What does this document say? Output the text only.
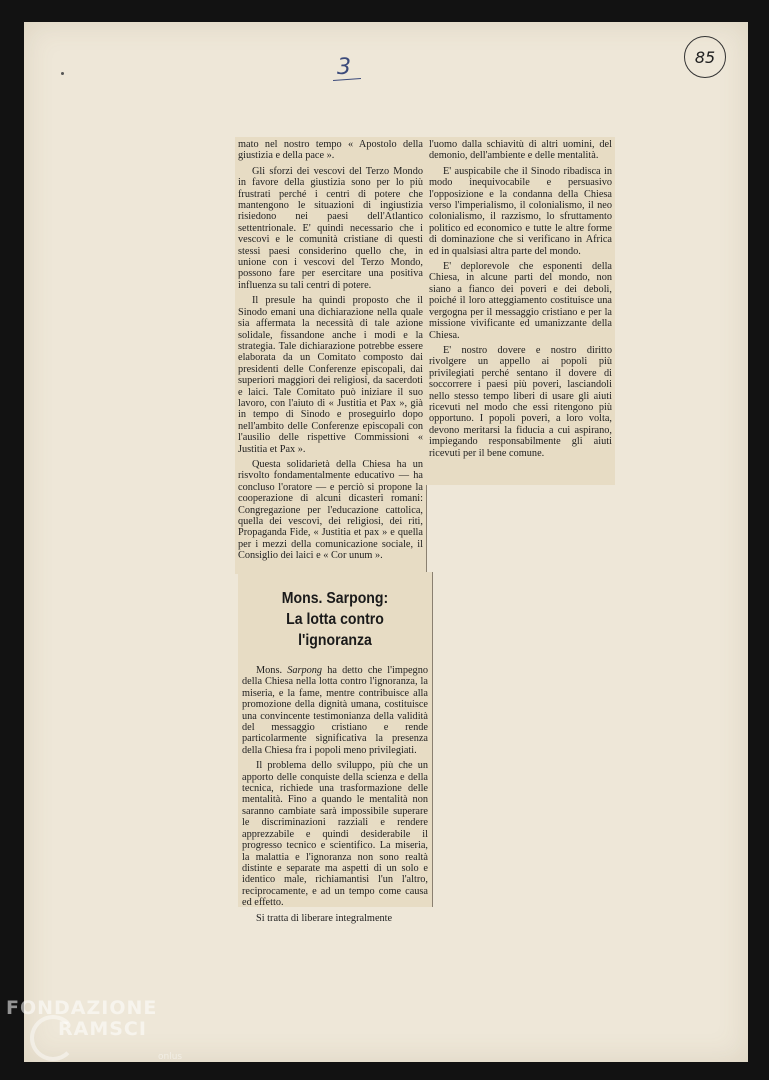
3	85

mato nel nostro tempo « Apostolo della giustizia e della pace ».

Gli sforzi dei vescovi del Terzo Mondo in favore della giustizia sono per lo più frustrati perché i centri di potere che mantengono le situazioni di ingiustizia risiedono nei paesi dell'Atlantico settentrionale. E' quindi necessario che i vescovi e le comunità cristiane di questi stessi paesi considerino quello che, in unione con i vescovi del Terzo Mondo, possono fare per esercitare una positiva influenza su tali centri di potere.

Il presule ha quindi proposto che il Sinodo emani una dichiarazione nella quale sia affermata la necessità di tale azione solidale, fissandone anche i modi e la strategia. Tale dichiarazione potrebbe essere elaborata da un Comitato composto dai presidenti delle Conferenze episcopali, dai superiori maggiori dei religiosi, da sacerdoti e laici. Tale Comitato può iniziare il suo lavoro, con l'aiuto di « Justitia et Pax », già in tempo di Sinodo e proseguirlo dopo nell'ambito delle Conferenze episcopali con l'ausilio delle rispettive Commissioni « Justitia et Pax ».

Questa solidarietà della Chiesa ha un risvolto fondamentalmente educativo — ha concluso l'oratore — e perciò si propone la cooperazione di alcuni dicasteri romani: Congregazione per l'educazione cattolica, quella dei vescovi, dei religiosi, dei riti, Propaganda Fide, « Justitia et pax » e quella per i mezzi della comunicazione sociale, il Consiglio dei laici e « Cor unum ».

l'uomo dalla schiavitù di altri uomini, del demonio, dell'ambiente e delle mentalità.

E' auspicabile che il Sinodo ribadisca in modo inequivocabile e persuasivo l'opposizione e la condanna della Chiesa verso l'imperialismo, il colonialismo, il neo colonialismo, il razzismo, lo sfruttamento politico ed economico e tutte le altre forme di dominazione che si verificano in Africa ed in qualsiasi altra parte del mondo.

E' deplorevole che esponenti della Chiesa, in alcune parti del mondo, non siano a fianco dei poveri e dei deboli, poiché il loro atteggiamento costituisce una vergogna per il messaggio cristiano e per la missione vivificante ed umanizzante della Chiesa.

E' nostro dovere e nostro diritto rivolgere un appello ai popoli più privilegiati perché sentano il dovere di soccorrere i paesi più poveri, lasciandoli nello stesso tempo liberi di usare gli aiuti ricevuti nel modo che essi ritengono più opportuno. I popoli poveri, a loro volta, devono meritarsi la fiducia a cui aspirano, impiegando responsabilmente gli aiuti ricevuti per il bene comune.

Mons. Sarpong:
La lotta contro l'ignoranza

Mons. Sarpong ha detto che l'impegno della Chiesa nella lotta contro l'ignoranza, la miseria, e la fame, mentre contribuisce alla promozione della dignità umana, costituisce una convincente testimonianza della validità del messaggio cristiano e rende particolarmente significativa la presenza della Chiesa fra i popoli meno privilegiati.

Il problema dello sviluppo, più che un apporto delle conquiste della scienza e della tecnica, richiede una trasformazione delle mentalità. Fino a quando le mentalità non saranno cambiate sarà impossibile superare le discriminazioni razziali e rendere apprezzabile e quindi desiderabile il progresso tecnico e scientifico. La miseria, la malattia e l'ignoranza non sono realtà distinte e separate ma aspetti di un solo e identico male, richiamantisi l'un l'altro, reciprocamente, e ad un tempo come causa ed effetto.

Si tratta di liberare integralmente

FONDAZIONE
RAMSCI
onlus
